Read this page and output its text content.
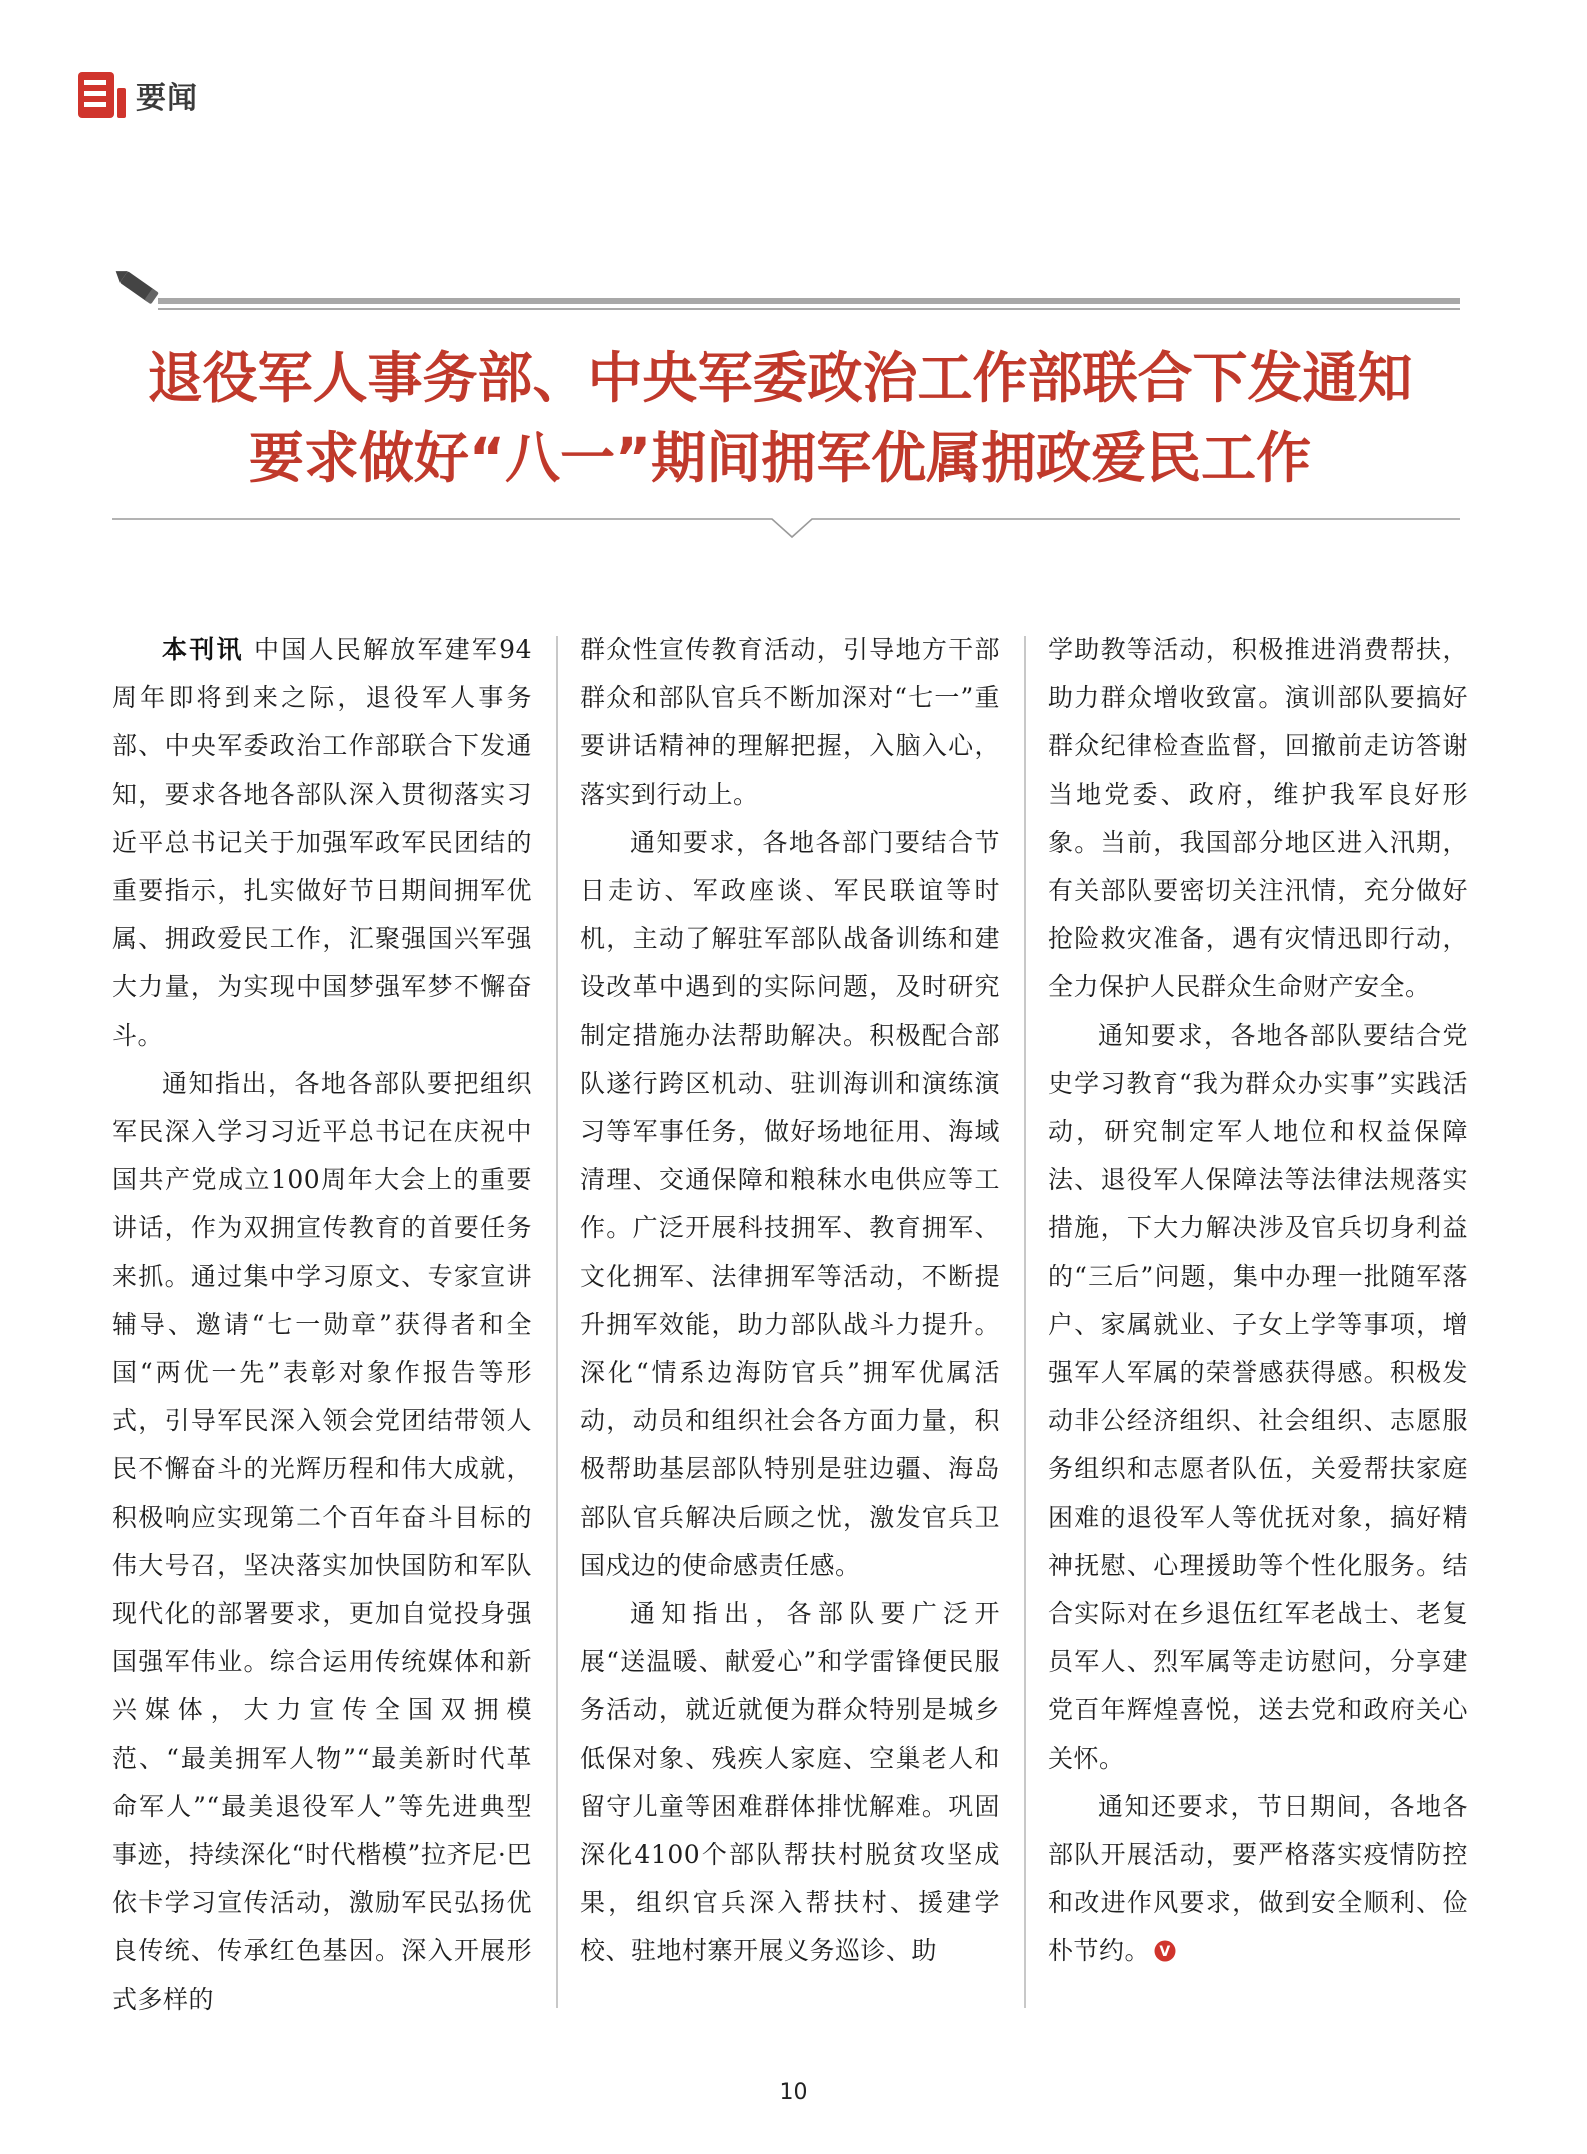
要闻
退役军人事务部、中央军委政治工作部联合下发通知
要求做好“八一”期间拥军优属拥政爱民工作

本刊讯 中国人民解放军建军94周年即将到来之际，退役军人事务部、中央军委政治工作部联合下发通知，要求各地各部队深入贯彻落实习近平总书记关于加强军政军民团结的重要指示，扎实做好节日期间拥军优属、拥政爱民工作，汇聚强国兴军强大力量，为实现中国梦强军梦不懈奋斗。

通知指出，各地各部队要把组织军民深入学习习近平总书记在庆祝中国共产党成立100周年大会上的重要讲话，作为双拥宣传教育的首要任务来抓。通过集中学习原文、专家宣讲辅导、邀请“七一勋章”获得者和全国“两优一先”表彰对象作报告等形式，引导军民深入领会党团结带领人民不懈奋斗的光辉历程和伟大成就，积极响应实现第二个百年奋斗目标的伟大号召，坚决落实加快国防和军队现代化的部署要求，更加自觉投身强国强军伟业。综合运用传统媒体和新兴媒体，大力宣传全国双拥模范、“最美拥军人物”“最美新时代革命军人”“最美退役军人”等先进典型事迹，持续深化“时代楷模”拉齐尼·巴依卡学习宣传活动，激励军民弘扬优良传统、传承红色基因。深入开展形式多样的

群众性宣传教育活动，引导地方干部群众和部队官兵不断加深对“七一”重要讲话精神的理解把握，入脑入心，落实到行动上。

通知要求，各地各部门要结合节日走访、军政座谈、军民联谊等时机，主动了解驻军部队战备训练和建设改革中遇到的实际问题，及时研究制定措施办法帮助解决。积极配合部队遂行跨区机动、驻训海训和演练演习等军事任务，做好场地征用、海域清理、交通保障和粮秣水电供应等工作。广泛开展科技拥军、教育拥军、文化拥军、法律拥军等活动，不断提升拥军效能，助力部队战斗力提升。深化“情系边海防官兵”拥军优属活动，动员和组织社会各方面力量，积极帮助基层部队特别是驻边疆、海岛部队官兵解决后顾之忧，激发官兵卫国戍边的使命感责任感。

通知指出，各部队要广泛开展“送温暖、献爱心”和学雷锋便民服务活动，就近就便为群众特别是城乡低保对象、残疾人家庭、空巢老人和留守儿童等困难群体排忧解难。巩固深化4100个部队帮扶村脱贫攻坚成果，组织官兵深入帮扶村、援建学校、驻地村寨开展义务巡诊、助

学助教等活动，积极推进消费帮扶，助力群众增收致富。演训部队要搞好群众纪律检查监督，回撤前走访答谢当地党委、政府，维护我军良好形象。当前，我国部分地区进入汛期，有关部队要密切关注汛情，充分做好抢险救灾准备，遇有灾情迅即行动，全力保护人民群众生命财产安全。

通知要求，各地各部队要结合党史学习教育“我为群众办实事”实践活动，研究制定军人地位和权益保障法、退役军人保障法等法律法规落实措施，下大力解决涉及官兵切身利益的“三后”问题，集中办理一批随军落户、家属就业、子女上学等事项，增强军人军属的荣誉感获得感。积极发动非公经济组织、社会组织、志愿服务组织和志愿者队伍，关爱帮扶家庭困难的退役军人等优抚对象，搞好精神抚慰、心理援助等个性化服务。结合实际对在乡退伍红军老战士、老复员军人、烈军属等走访慰问，分享建党百年辉煌喜悦，送去党和政府关心关怀。

通知还要求，节日期间，各地各部队开展活动，要严格落实疫情防控和改进作风要求，做到安全顺利、俭朴节约。 V

10
